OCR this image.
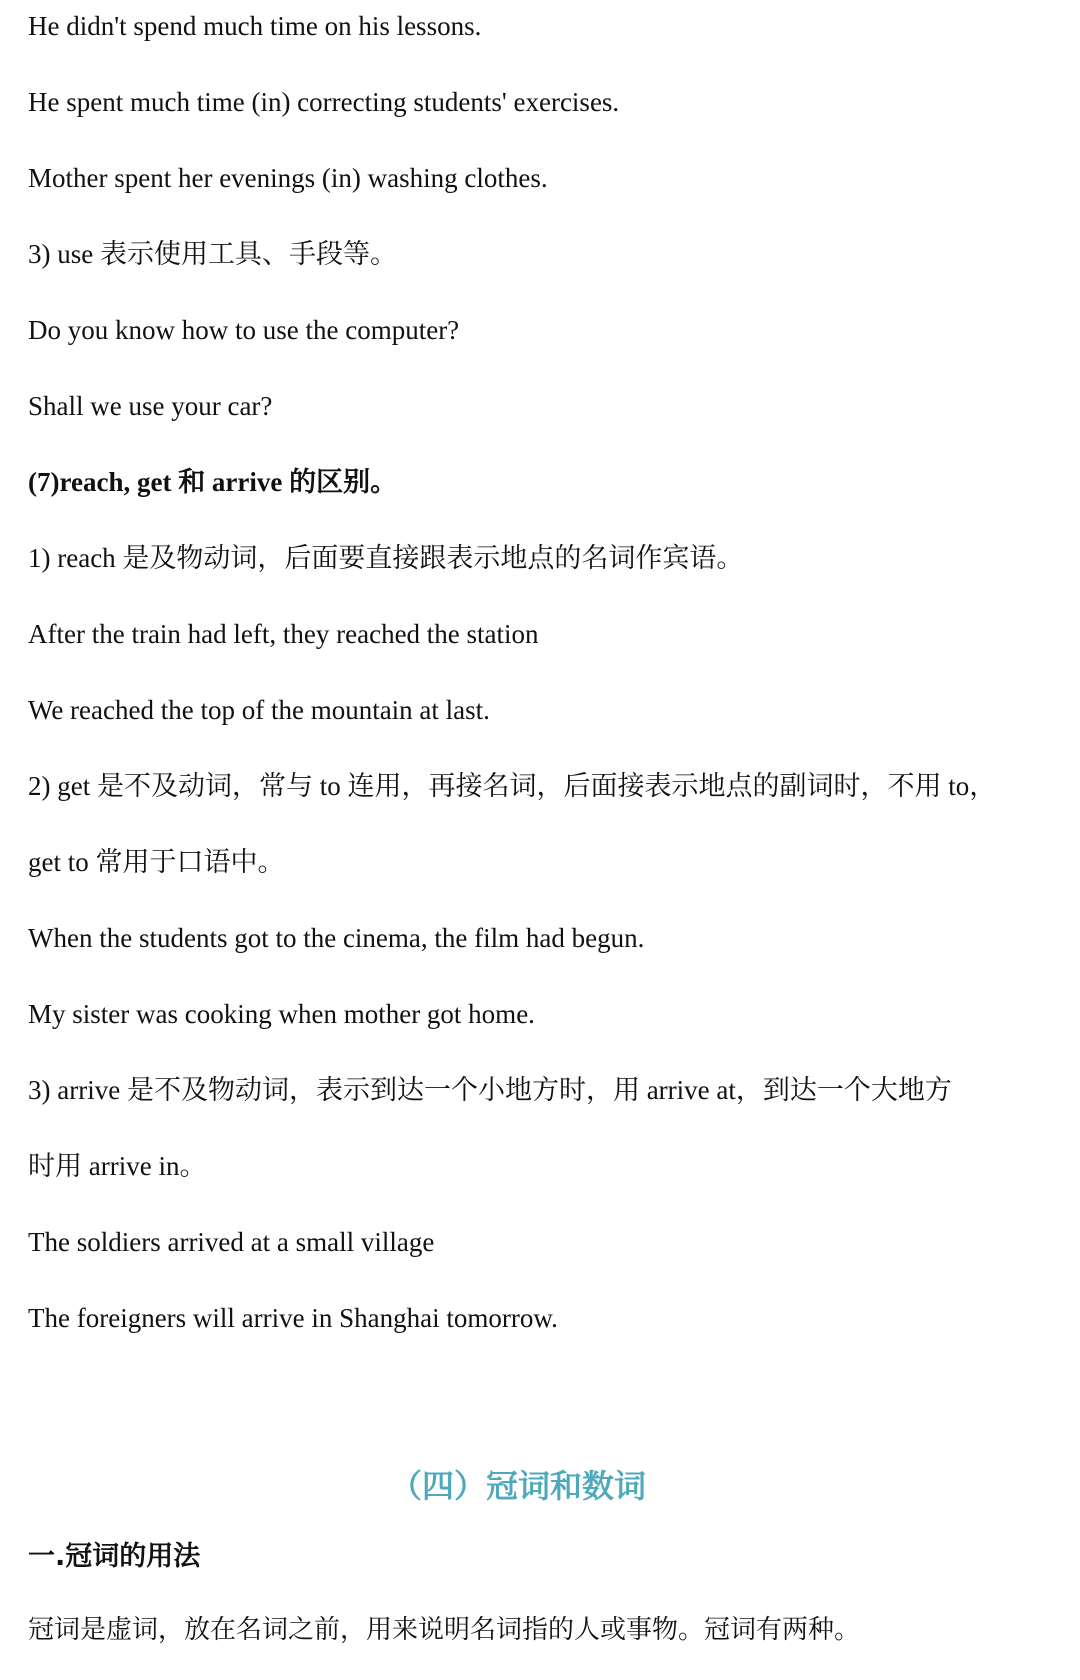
He didn't spend much time on his lessons.
He spent much time (in) correcting students' exercises.
Mother spent her evenings (in) washing clothes.
3) use 表示使用工具、手段等。
Do you know how to use the computer?
Shall we use your car?
(7)reach, get 和 arrive 的区别。
1) reach 是及物动词，后面要直接跟表示地点的名词作宾语。
After the train had left, they reached the station
We reached the top of the mountain at last.
2) get 是不及动词，常与 to 连用，再接名词，后面接表示地点的副词时，不用 to，
get to 常用于口语中。
When the students got to the cinema, the film had begun.
My sister was cooking when mother got home.
3) arrive 是不及物动词，表示到达一个小地方时，用 arrive at，到达一个大地方
时用 arrive in。
The soldiers arrived at a small village
The foreigners will arrive in Shanghai tomorrow.
（四）冠词和数词
一.冠词的用法
冠词是虚词，放在名词之前，用来说明名词指的人或事物。冠词有两种。
